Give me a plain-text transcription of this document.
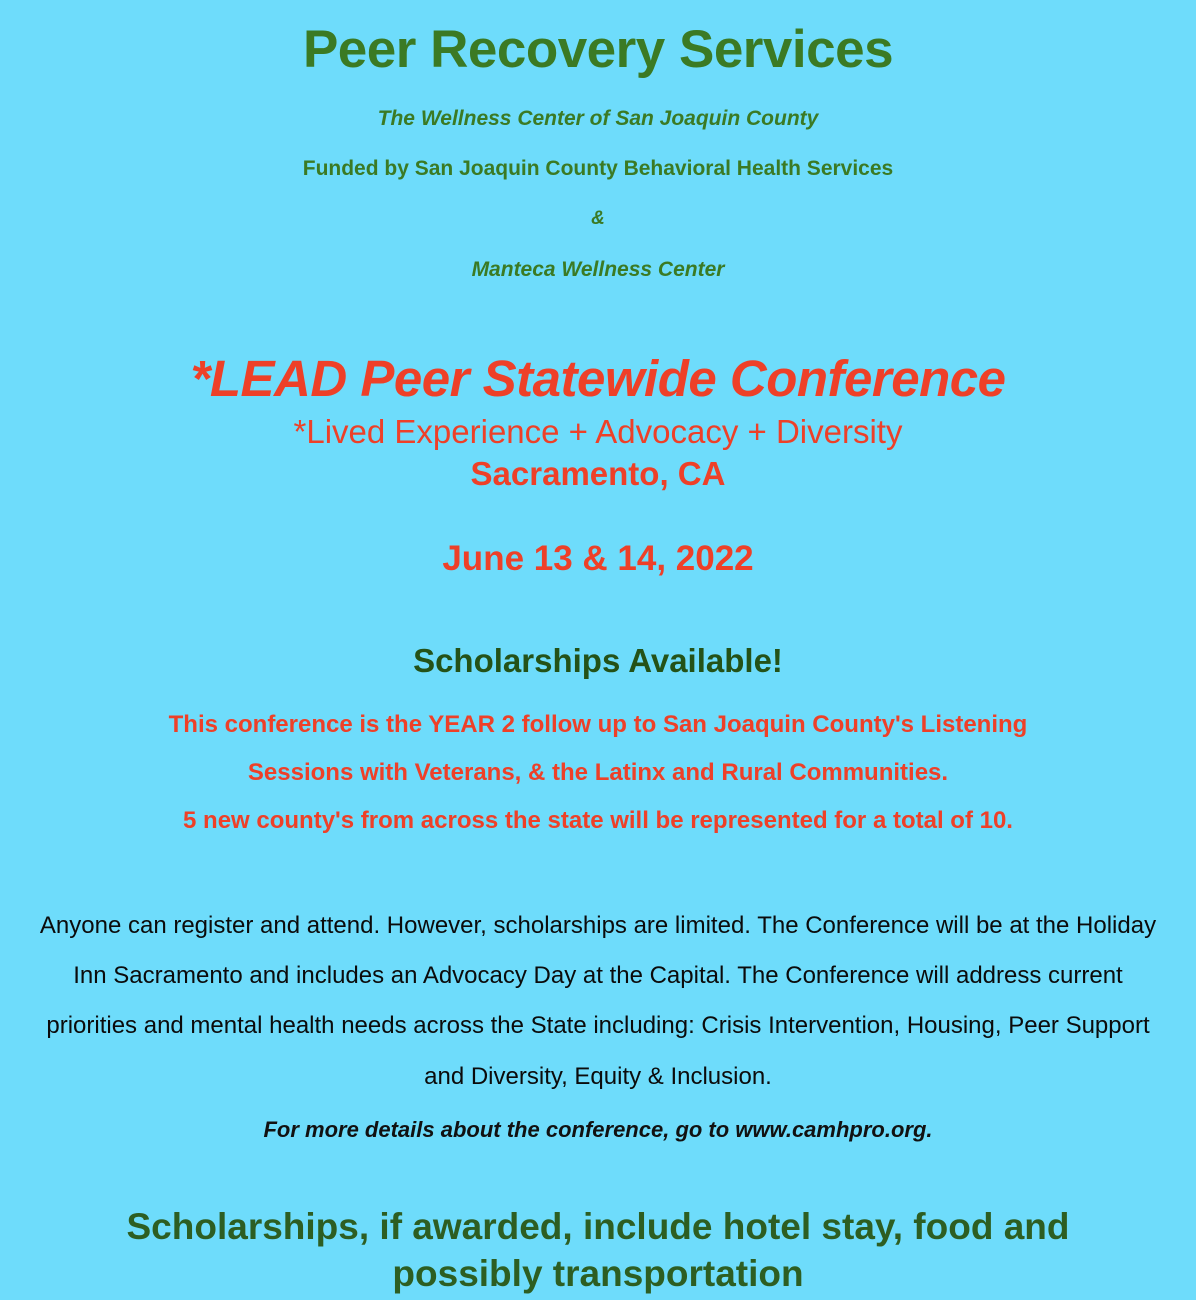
Peer Recovery Services

The Wellness Center of San Joaquin County

Funded by San Joaquin County Behavioral Health Services

&

Manteca Wellness Center

*LEAD Peer Statewide Conference

*Lived Experience + Advocacy + Diversity

Sacramento, CA

June 13 & 14, 2022

Scholarships Available!
This conference is the YEAR 2 follow up to San Joaquin County's Listening
Sessions with Veterans, & the Latinx and Rural Communities.
5 new county's from across the state will be represented for a total of 10.
Anyone can register and attend. However, scholarships are limited. The Conference will be at the Holiday
Inn Sacramento and includes an Advocacy Day at the Capital. The Conference will address current
priorities and mental health needs across the State including: Crisis Intervention, Housing, Peer Support
and Diversity, Equity & Inclusion.

For more details about the conference, go to www.camhpro.org.

Scholarships, if awarded, include hotel stay, food and
possibly transportation
